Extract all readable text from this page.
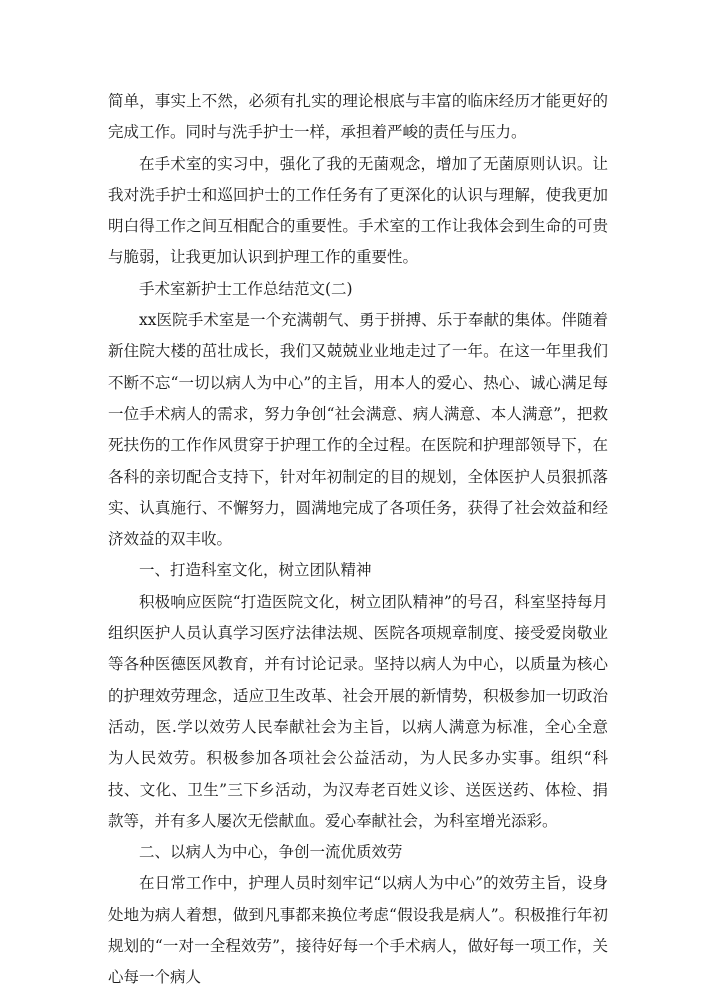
简单，事实上不然，必须有扎实的理论根底与丰富的临床经历才能更好的完成工作。同时与洗手护士一样，承担着严峻的责任与压力。

在手术室的实习中，强化了我的无菌观念，增加了无菌原则认识。让我对洗手护士和巡回护士的工作任务有了更深化的认识与理解，使我更加明白得工作之间互相配合的重要性。手术室的工作让我体会到生命的可贵与脆弱，让我更加认识到护理工作的重要性。

手术室新护士工作总结范文(二)

xx医院手术室是一个充满朝气、勇于拼搏、乐于奉献的集体。伴随着新住院大楼的茁壮成长，我们又兢兢业业地走过了一年。在这一年里我们不断不忘“一切以病人为中心”的主旨，用本人的爱心、热心、诚心满足每一位手术病人的需求，努力争创“社会满意、病人满意、本人满意”，把救死扶伤的工作作风贯穿于护理工作的全过程。在医院和护理部领导下，在各科的亲切配合支持下，针对年初制定的目的规划，全体医护人员狠抓落实、认真施行、不懈努力，圆满地完成了各项任务，获得了社会效益和经济效益的双丰收。

一、打造科室文化，树立团队精神

积极响应医院“打造医院文化，树立团队精神”的号召，科室坚持每月组织医护人员认真学习医疗法律法规、医院各项规章制度、接受爱岗敬业等各种医德医风教育，并有讨论记录。坚持以病人为中心，以质量为核心的护理效劳理念，适应卫生改革、社会开展的新情势，积极参加一切政治活动，医.学以效劳人民奉献社会为主旨，以病人满意为标准，全心全意为人民效劳。积极参加各项社会公益活动，为人民多办实事。组织“科技、文化、卫生”三下乡活动，为汉寿老百姓义诊、送医送药、体检、捐款等，并有多人屡次无偿献血。爱心奉献社会，为科室增光添彩。

二、以病人为中心，争创一流优质效劳

在日常工作中，护理人员时刻牢记“以病人为中心”的效劳主旨，设身处地为病人着想，做到凡事都来换位考虑“假设我是病人”。积极推行年初规划的“一对一全程效劳”，接待好每一个手术病人，做好每一项工作，关心每一个病人
